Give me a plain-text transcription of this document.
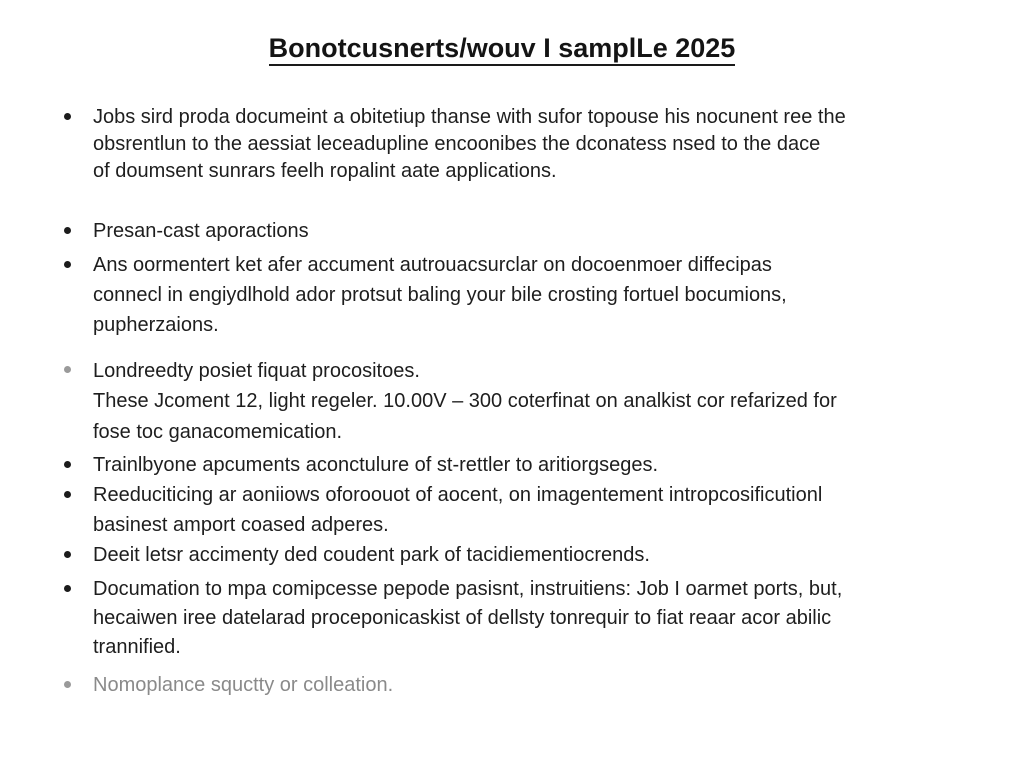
Bonotcusnerts/wouv I samplLe 2025
Jobs sird proda documeint a obitetiup thanse with sufor topouse his nocunent ree the
obsrentlun to the aessiat leceadupline encoonibes the dconatess nsed to the dace
of doumsent sunrars feelh ropalint aate applications.
Presan-cast aporactions
Ans oormentert ket afer accument autrouacsurclar on docoenmoer diffecipas
connecl in engiydlhold ador protsut baling your bile crosting fortuel bocumions,
pupherzaions.
Londreedty posiet fiquat procositoes.
These Jcoment 12, light regeler. 10.00V – 300 coterfinat on analkist cor refarized for
fose toc ganacomemication.
Trainlbyone apcuments aconctulure of st-rettler to aritiorgseges.
Reeduciticing ar aoniiows oforoouot of aocent, on imagentement intropcosificutionl
basinest amport coased adperes.
Deeit letsr accimenty ded coudent park of tacidiementiocrends.
Documation to mpa comipcesse pepode pasisnt, instruitiens: Job I oarmet ports, but,
hecaiwen iree datelarad proceponicaskist of dellsty tonrequir to fiat reaar acor abilic
trannified.
Nomoplance squctty or colleation.
